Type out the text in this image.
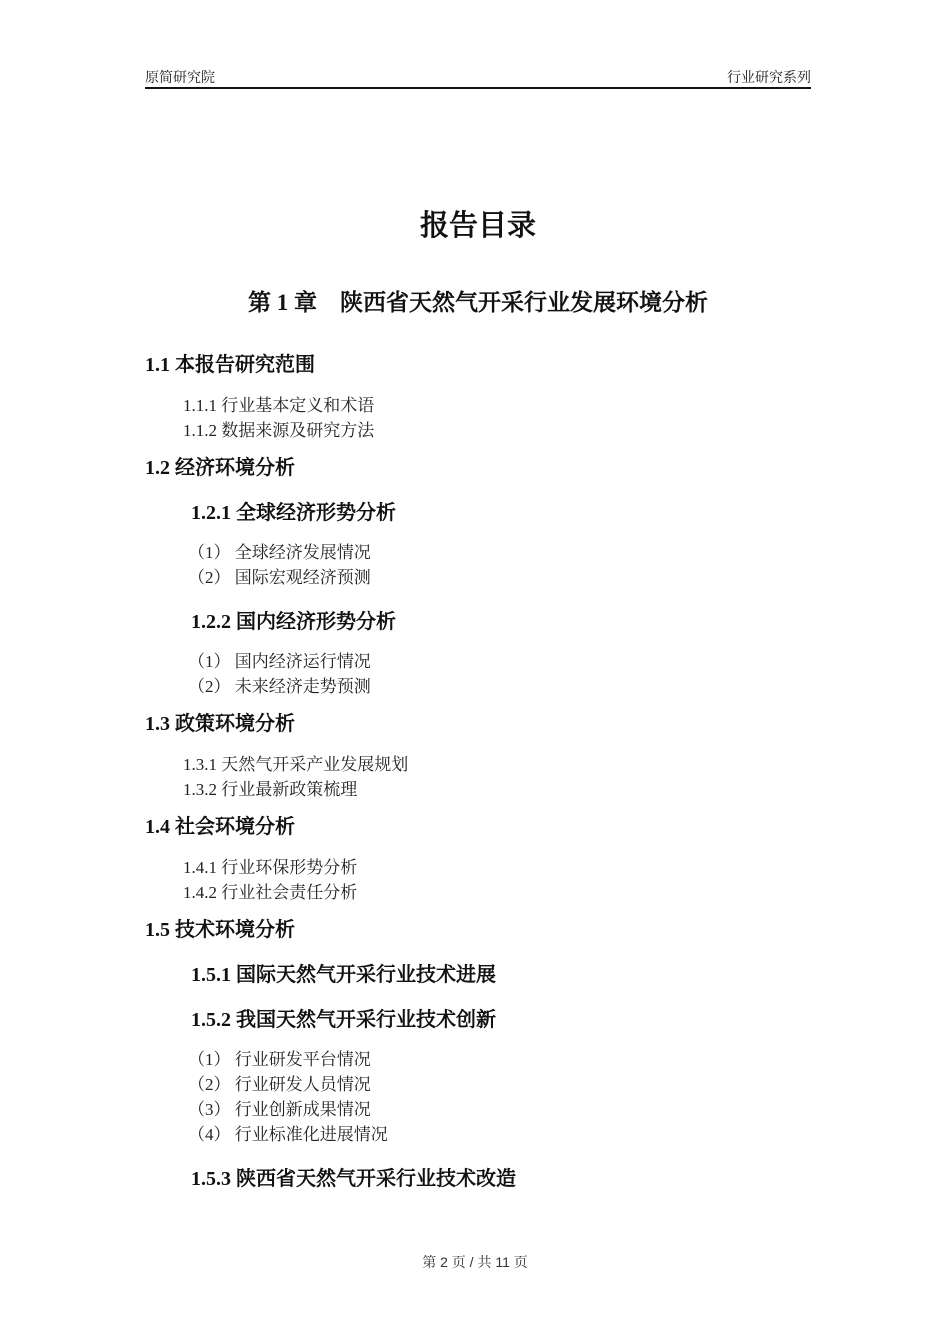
原简研究院	行业研究系列
报告目录
第 1 章　陕西省天然气开采行业发展环境分析
1.1 本报告研究范围
1.1.1 行业基本定义和术语
1.1.2 数据来源及研究方法
1.2 经济环境分析
1.2.1 全球经济形势分析
（1） 全球经济发展情况
（2） 国际宏观经济预测
1.2.2 国内经济形势分析
（1） 国内经济运行情况
（2） 未来经济走势预测
1.3 政策环境分析
1.3.1 天然气开采产业发展规划
1.3.2 行业最新政策梳理
1.4 社会环境分析
1.4.1 行业环保形势分析
1.4.2 行业社会责任分析
1.5 技术环境分析
1.5.1 国际天然气开采行业技术进展
1.5.2 我国天然气开采行业技术创新
（1） 行业研发平台情况
（2） 行业研发人员情况
（3） 行业创新成果情况
（4） 行业标准化进展情况
1.5.3 陕西省天然气开采行业技术改造
第 2 页 / 共 11 页
